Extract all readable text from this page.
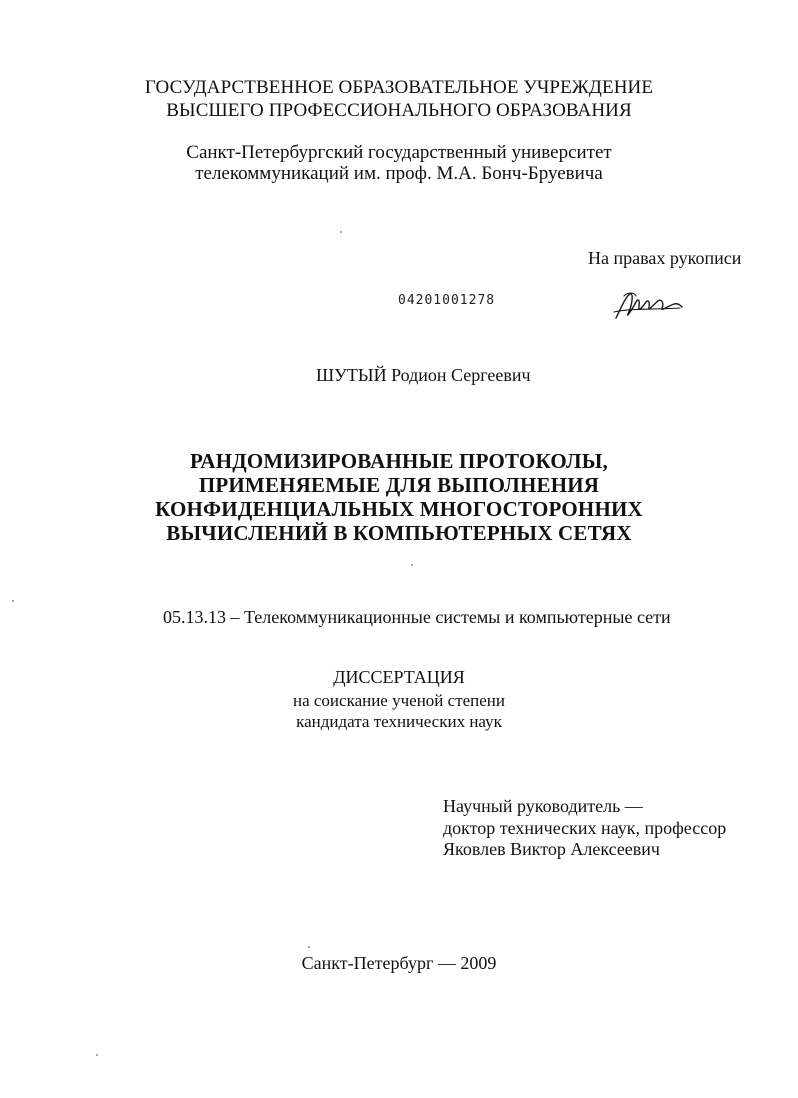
ГОСУДАРСТВЕННОЕ ОБРАЗОВАТЕЛЬНОЕ УЧРЕЖДЕНИЕ
ВЫСШЕГО ПРОФЕССИОНАЛЬНОГО ОБРАЗОВАНИЯ
Санкт-Петербургский государственный университет
телекоммуникаций им. проф. М.А. Бонч-Бруевича
На правах рукописи
04201001278
ШУТЫЙ Родион Сергеевич
РАНДОМИЗИРОВАННЫЕ ПРОТОКОЛЫ,
ПРИМЕНЯЕМЫЕ ДЛЯ ВЫПОЛНЕНИЯ
КОНФИДЕНЦИАЛЬНЫХ МНОГОСТОРОННИХ
ВЫЧИСЛЕНИЙ В КОМПЬЮТЕРНЫХ СЕТЯХ
05.13.13 – Телекоммуникационные системы и компьютерные сети
ДИССЕРТАЦИЯ
на соискание ученой степени
кандидата технических наук
Научный руководитель —
доктор технических наук, профессор
Яковлев Виктор Алексеевич
Санкт-Петербург — 2009
